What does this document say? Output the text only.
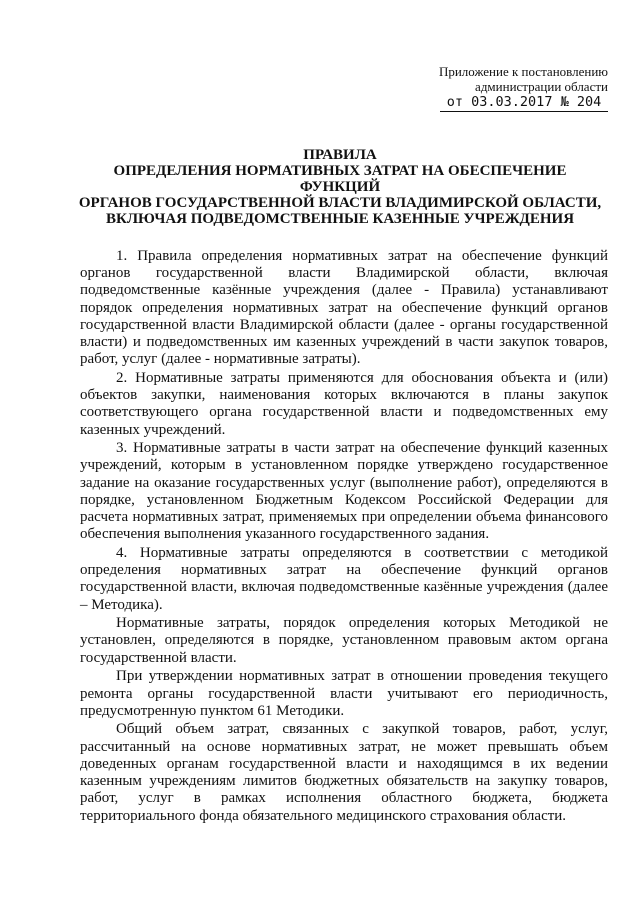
Приложение к постановлению
администрации области
от 03.03.2017 № 204
ПРАВИЛА
ОПРЕДЕЛЕНИЯ НОРМАТИВНЫХ ЗАТРАТ НА ОБЕСПЕЧЕНИЕ
ФУНКЦИЙ
ОРГАНОВ ГОСУДАРСТВЕННОЙ ВЛАСТИ ВЛАДИМИРСКОЙ ОБЛАСТИ,
ВКЛЮЧАЯ ПОДВЕДОМСТВЕННЫЕ КАЗЕННЫЕ УЧРЕЖДЕНИЯ

1. Правила определения нормативных затрат на обеспечение функций органов государственной власти Владимирской области, включая подведомственные казённые учреждения (далее - Правила) устанавливают порядок определения нормативных затрат на обеспечение функций органов государственной власти Владимирской области (далее - органы государственной власти) и подведомственных им казенных учреждений в части закупок товаров, работ, услуг (далее - нормативные затраты).

2. Нормативные затраты применяются для обоснования объекта и (или) объектов закупки, наименования которых включаются в планы закупок соответствующего органа государственной власти и подведомственных ему казенных учреждений.

3. Нормативные затраты в части затрат на обеспечение функций казенных учреждений, которым в установленном порядке утверждено государственное задание на оказание государственных услуг (выполнение работ), определяются в порядке, установленном Бюджетным Кодексом Российской Федерации для расчета нормативных затрат, применяемых при определении объема финансового обеспечения выполнения указанного государственного задания.

4. Нормативные затраты определяются в соответствии с методикой определения нормативных затрат на обеспечение функций органов государственной власти, включая подведомственные казённые учреждения (далее – Методика).

Нормативные затраты, порядок определения которых Методикой не установлен, определяются в порядке, установленном правовым актом органа государственной власти.

При утверждении нормативных затрат в отношении проведения текущего ремонта органы государственной власти учитывают его периодичность, предусмотренную пунктом 61 Методики.

Общий объем затрат, связанных с закупкой товаров, работ, услуг, рассчитанный на основе нормативных затрат, не может превышать объем доведенных органам государственной власти и находящимся в их ведении казенным учреждениям лимитов бюджетных обязательств на закупку товаров, работ, услуг в рамках исполнения областного бюджета, бюджета территориального фонда обязательного медицинского страхования области.
